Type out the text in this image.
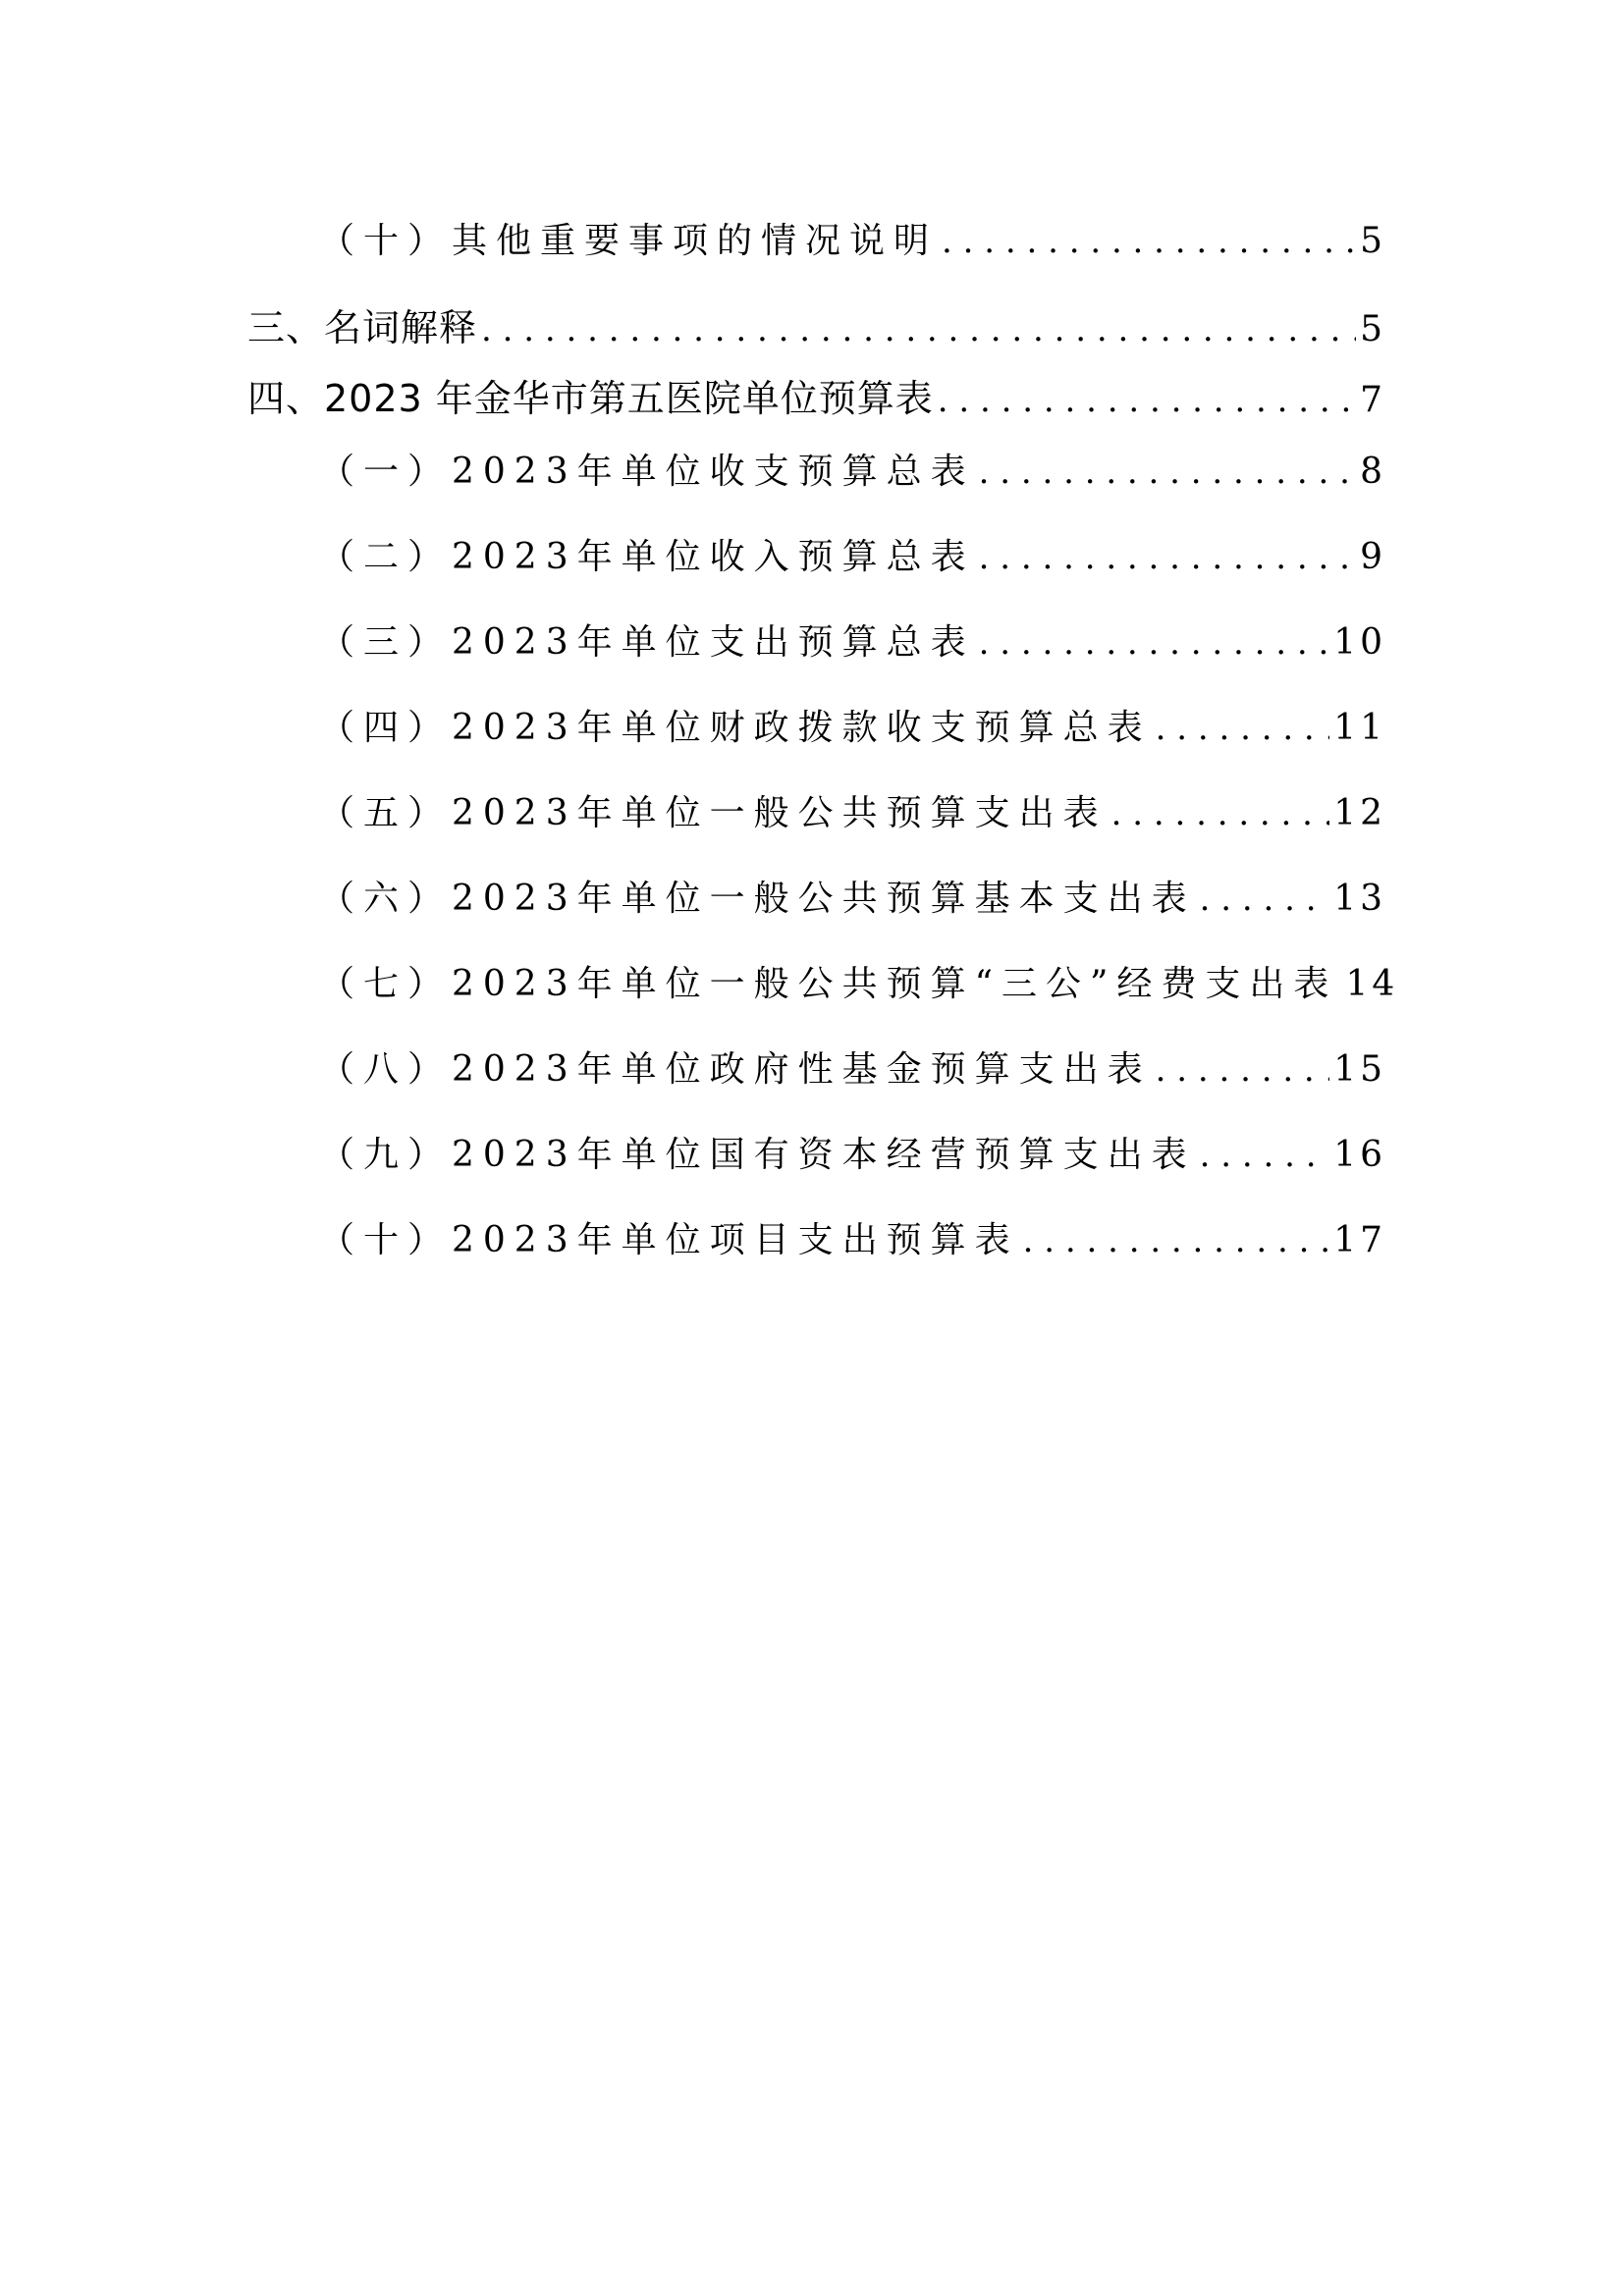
（十）其他重要事项的情况说明 . . .	5
三、名词解释 . . .	5
四、2023 年金华市第五医院单位预算表 . . .	7
（一）2023年单位收支预算总表 . . .	8
（二）2023年单位收入预算总表 . . .	9
（三）2023年单位支出预算总表 . . .	10
（四）2023年单位财政拨款收支预算总表 . . .	11
（五）2023年单位一般公共预算支出表 . . .	12
（六）2023年单位一般公共预算基本支出表 . . .	13
（七）2023年单位一般公共预算“三公”经费支出表 14
（八）2023年单位政府性基金预算支出表 . . .	15
（九）2023年单位国有资本经营预算支出表 . . .	16
（十）2023年单位项目支出预算表 . . .	17
